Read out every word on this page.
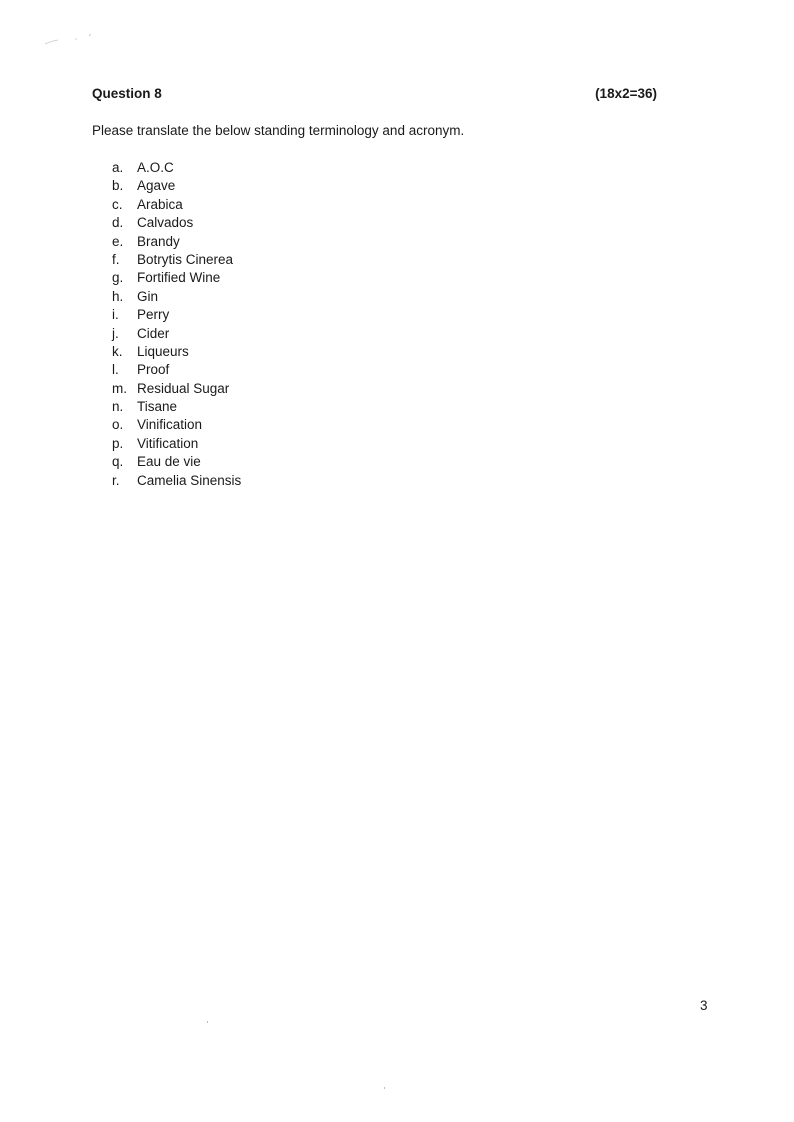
Question 8	(18x2=36)
Please translate the below standing terminology and acronym.
a.	A.O.C
b.	Agave
c.	Arabica
d.	Calvados
e.	Brandy
f.	Botrytis Cinerea
g.	Fortified Wine
h.	Gin
i.	Perry
j.	Cider
k.	Liqueurs
l.	Proof
m. Residual Sugar
n.	Tisane
o.	Vinification
p.	Vitification
q.	Eau de vie
r.	Camelia Sinensis
3
